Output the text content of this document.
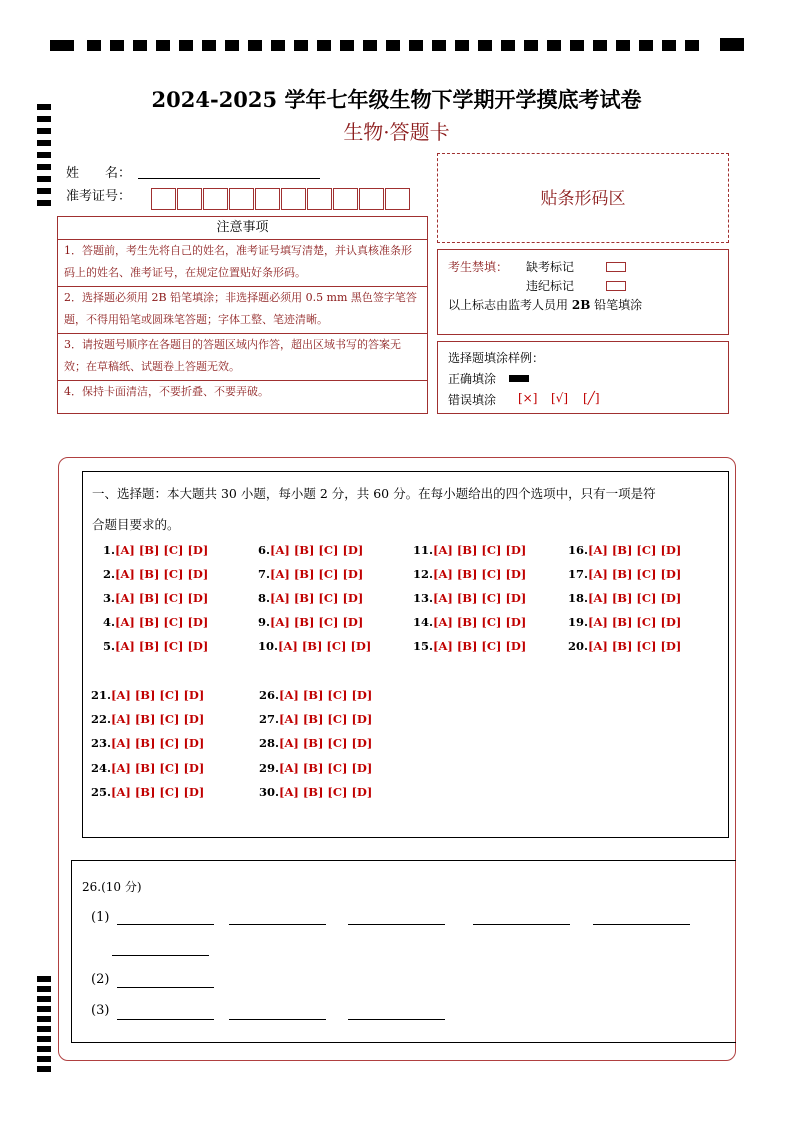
2024-2025 学年七年级生物下学期开学摸底考试卷
生物·答题卡
姓　　名：
准考证号：	贴条形码区
注意事项
1．答题前，考生先将自己的姓名，准考证号填写清楚，并认真核准条形码上的姓名、准考证号，在规定位置贴好条形码。
2．选择题必须用 2B 铅笔填涂；非选择题必须用 0.5 mm 黑色签字笔答题，不得用铅笔或圆珠笔答题；字体工整、笔迹清晰。
3．请按题号顺序在各题目的答题区域内作答，超出区域书写的答案无效；在草稿纸、试题卷上答题无效。
4．保持卡面清洁，不要折叠、不要弄破。
考生禁填： 缺考标记
违纪标记
以上标志由监考人员用 2B 铅笔填涂
选择题填涂样例：
正确填涂
错误填涂 [×] [√] [╱]
一、选择题：本大题共 30 小题，每小题 2 分，共 60 分。在每小题给出的四个选项中，只有一项是符
合题目要求的。
1.[A] [B] [C] [D]
2.[A] [B] [C] [D]
3.[A] [B] [C] [D]
4.[A] [B] [C] [D]
5.[A] [B] [C] [D]
6.[A] [B] [C] [D]
7.[A] [B] [C] [D]
8.[A] [B] [C] [D]
9.[A] [B] [C] [D]
10.[A] [B] [C] [D]
11.[A] [B] [C] [D]
12.[A] [B] [C] [D]
13.[A] [B] [C] [D]
14.[A] [B] [C] [D]
15.[A] [B] [C] [D]
16.[A] [B] [C] [D]
17.[A] [B] [C] [D]
18.[A] [B] [C] [D]
19.[A] [B] [C] [D]
20.[A] [B] [C] [D]
21.[A] [B] [C] [D]
22.[A] [B] [C] [D]
23.[A] [B] [C] [D]
24.[A] [B] [C] [D]
25.[A] [B] [C] [D]
26.[A] [B] [C] [D]
27.[A] [B] [C] [D]
28.[A] [B] [C] [D]
29.[A] [B] [C] [D]
30.[A] [B] [C] [D]
26.(10 分)
(1)
(2)
(3)
